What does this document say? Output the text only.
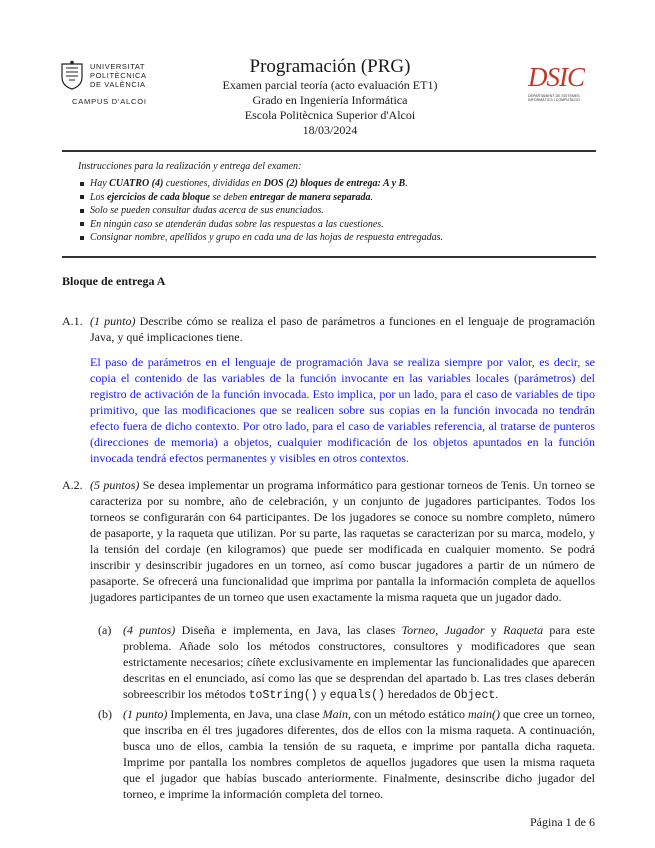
UNIVERSITAT
POLITÈCNICA
DE VALÈNCIA
CAMPUS D'ALCOI
Programación (PRG)
Examen parcial teoría (acto evaluación ET1)
Grado en Ingeniería Informática
Escola Politècnica Superior d'Alcoi
18/03/2024
DSIC
DEPARTAMENT DE SISTEMES
INFORMÀTICS I COMPUTACIÓ
Instrucciones para la realización y entrega del examen:
Hay CUATRO (4) cuestiones, divididas en DOS (2) bloques de entrega: A y B.
Los ejercicios de cada bloque se deben entregar de manera separada.
Solo se pueden consultar dudas acerca de sus enunciados.
En ningún caso se atenderán dudas sobre las respuestas a las cuestiones.
Consignar nombre, apellidos y grupo en cada una de las hojas de respuesta entregadas.
Bloque de entrega A
A.1. (1 punto) Describe cómo se realiza el paso de parámetros a funciones en el lenguaje de programación Java, y qué implicaciones tiene.
El paso de parámetros en el lenguaje de programación Java se realiza siempre por valor, es decir, se copia el contenido de las variables de la función invocante en las variables locales (parámetros) del registro de activación de la función invocada. Esto implica, por un lado, para el caso de variables de tipo primitivo, que las modificaciones que se realicen sobre sus copias en la función invocada no tendrán efecto fuera de dicho contexto. Por otro lado, para el caso de variables referencia, al tratarse de punteros (direcciones de memoria) a objetos, cualquier modificación de los objetos apuntados en la función invocada tendrá efectos permanentes y visibles en otros contextos.
A.2. (5 puntos) Se desea implementar un programa informático para gestionar torneos de Tenis. Un torneo se caracteriza por su nombre, año de celebración, y un conjunto de jugadores participantes. Todos los torneos se configurarán con 64 participantes. De los jugadores se conoce su nombre completo, número de pasaporte, y la raqueta que utilizan. Por su parte, las raquetas se caracterizan por su marca, modelo, y la tensión del cordaje (en kilogramos) que puede ser modificada en cualquier momento. Se podrá inscribir y desinscribir jugadores en un torneo, así como buscar jugadores a partir de un número de pasaporte. Se ofrecerá una funcionalidad que imprima por pantalla la información completa de aquellos jugadores participantes de un torneo que usen exactamente la misma raqueta que un jugador dado.
(a) (4 puntos) Diseña e implementa, en Java, las clases Torneo, Jugador y Raqueta para este problema. Añade solo los métodos constructores, consultores y modificadores que sean estrictamente necesarios; cíñete exclusivamente en implementar las funcionalidades que aparecen descritas en el enunciado, así como las que se desprendan del apartado b. Las tres clases deberán sobreescribir los métodos toString() y equals() heredados de Object.
(b) (1 punto) Implementa, en Java, una clase Main, con un método estático main() que cree un torneo, que inscriba en él tres jugadores diferentes, dos de ellos con la misma raqueta. A continuación, busca uno de ellos, cambia la tensión de su raqueta, e imprime por pantalla dicha raqueta. Imprime por pantalla los nombres completos de aquellos jugadores que usen la misma raqueta que el jugador que habías buscado anteriormente. Finalmente, desinscribe dicho jugador del torneo, e imprime la información completa del torneo.
Página 1 de 6
